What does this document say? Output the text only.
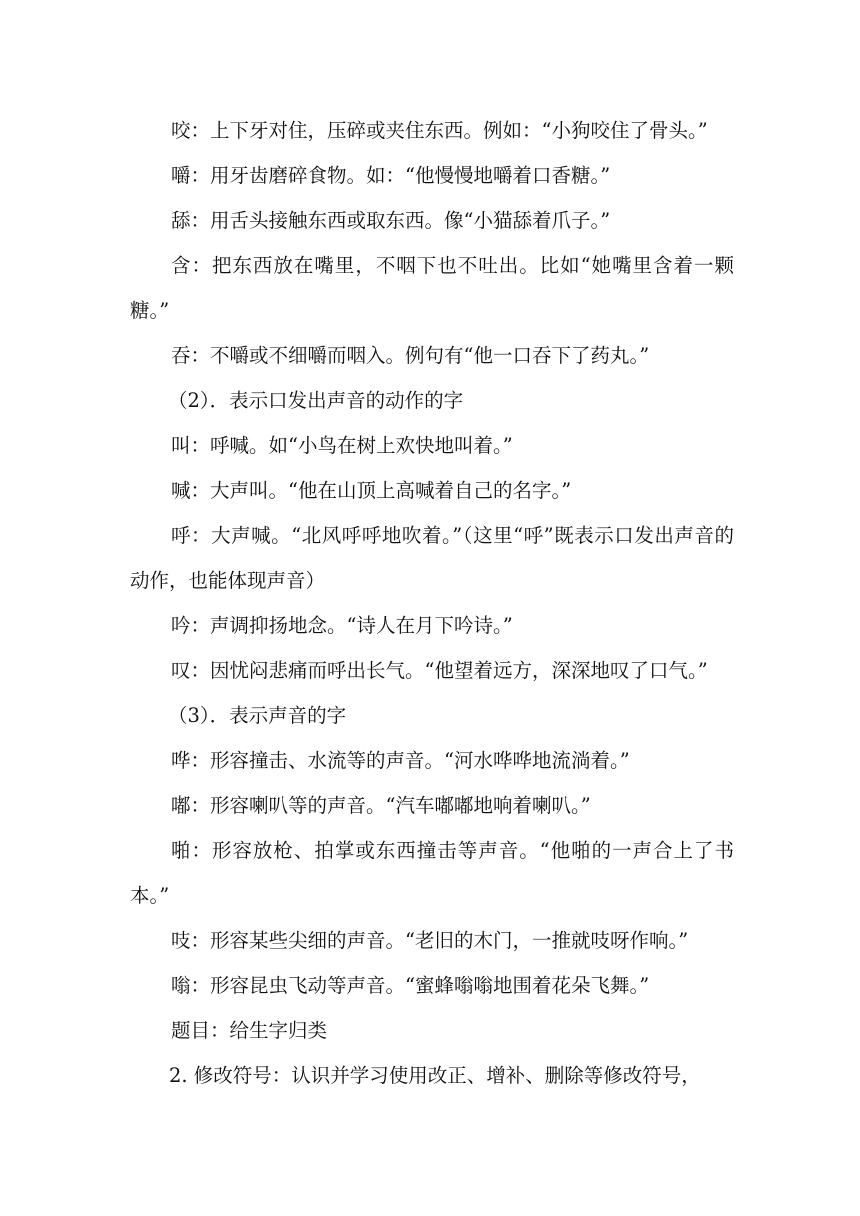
咬：上下牙对住，压碎或夹住东西。例如：“小狗咬住了骨头。”

嚼：用牙齿磨碎食物。如：“他慢慢地嚼着口香糖。”

舔：用舌头接触东西或取东西。像“小猫舔着爪子。”

含：把东西放在嘴里，不咽下也不吐出。比如“她嘴里含着一颗糖。”

吞：不嚼或不细嚼而咽入。例句有“他一口吞下了药丸。”

（2）．表示口发出声音的动作的字

叫：呼喊。如“小鸟在树上欢快地叫着。”

喊：大声叫。“他在山顶上高喊着自己的名字。”

呼：大声喊。“北风呼呼地吹着。”（这里“呼”既表示口发出声音的动作，也能体现声音）

吟：声调抑扬地念。“诗人在月下吟诗。”

叹：因忧闷悲痛而呼出长气。“他望着远方，深深地叹了口气。”

（3）．表示声音的字

哗：形容撞击、水流等的声音。“河水哗哗地流淌着。”

嘟：形容喇叭等的声音。“汽车嘟嘟地响着喇叭。”

啪：形容放枪、拍掌或东西撞击等声音。“他啪的一声合上了书本。”

吱：形容某些尖细的声音。“老旧的木门，一推就吱呀作响。”

嗡：形容昆虫飞动等声音。“蜜蜂嗡嗡地围着花朵飞舞。”

题目：给生字归类

2. 修改符号：认识并学习使用改正、增补、删除等修改符号，
